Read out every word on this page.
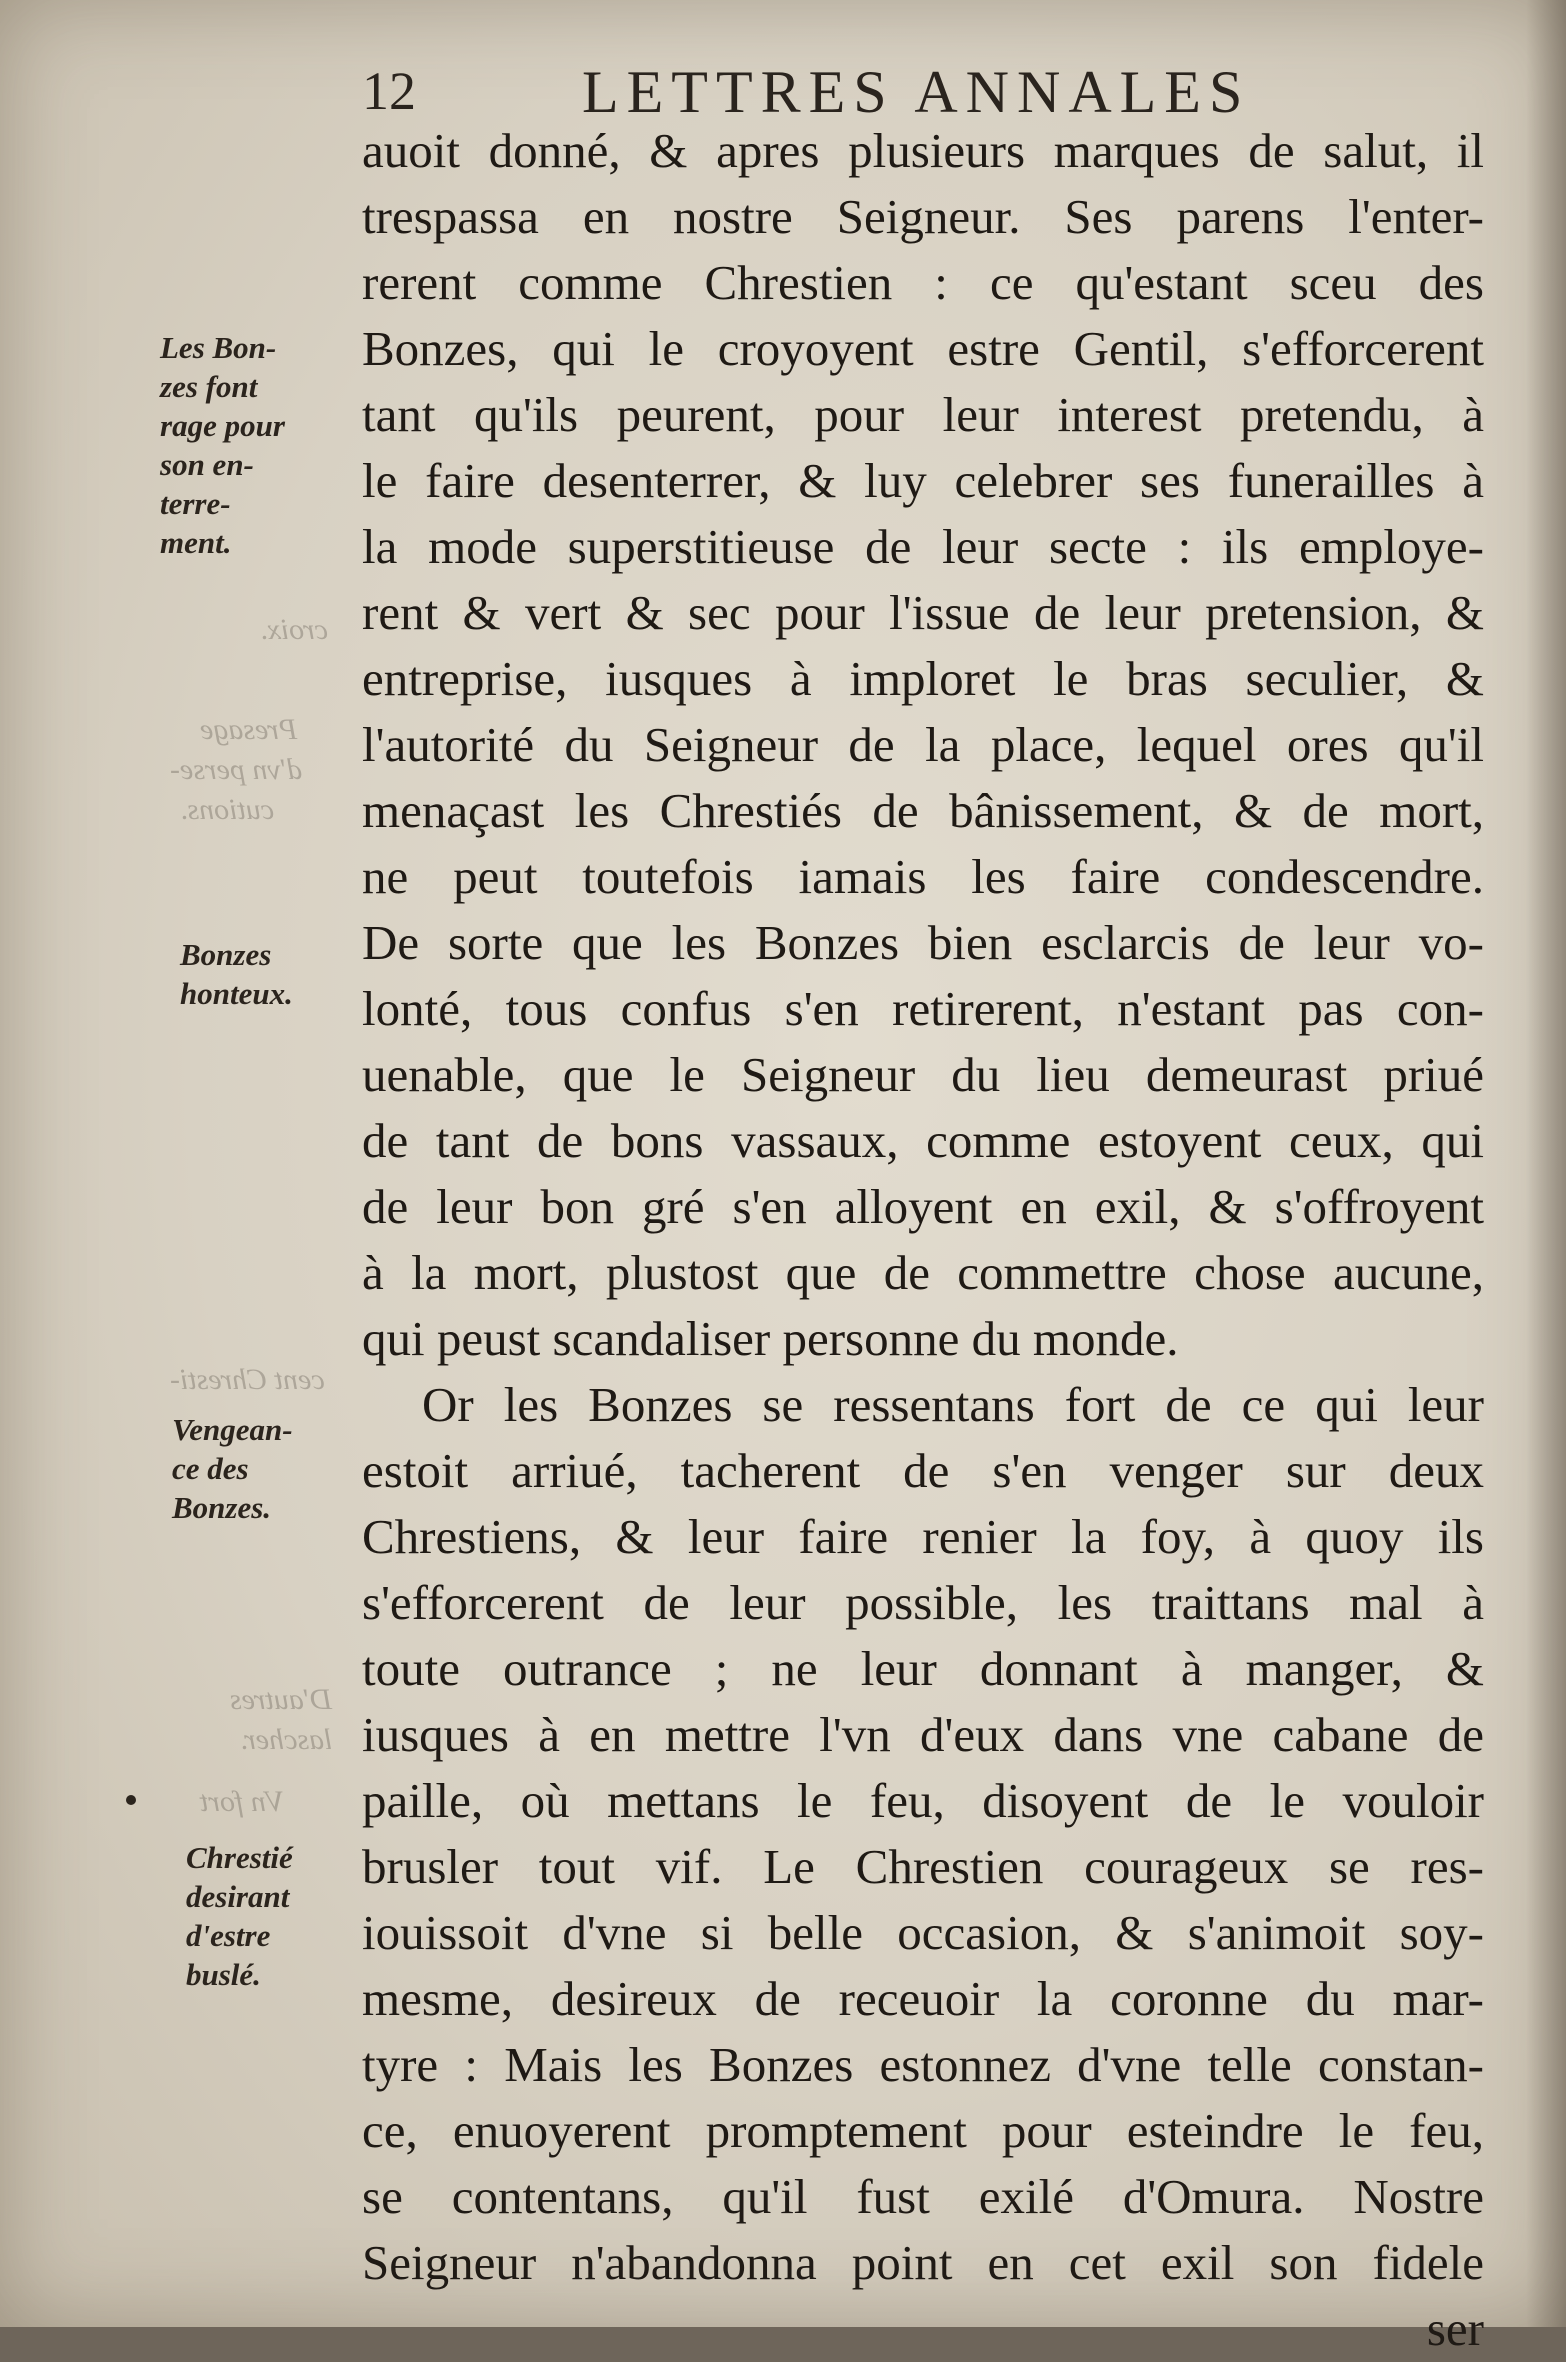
12	LETTRES ANNALES
croix.
Presage
d'vn perse-
cutions.
cent Chresti-
D'autres
lascher.
Vn fort
Les Bon-
zes font
rage pour
son en-
terre-
ment.
Bonzes
honteux.
Vengean-
ce des
Bonzes.
Chrestié
desirant
d'estre
buslé.
auoit donné, & apres plusieurs marques de salut, il
trespassa en nostre Seigneur. Ses parens l'enter-
rerent comme Chrestien : ce qu'estant sceu des
Bonzes, qui le croyoyent estre Gentil, s'efforcerent
tant qu'ils peurent, pour leur interest pretendu, à
le faire desenterrer, & luy celebrer ses funerailles à
la mode superstitieuse de leur secte : ils employe-
rent & vert & sec pour l'issue de leur pretension, &
entreprise, iusques à imploret le bras seculier, &
l'autorité du Seigneur de la place, lequel ores qu'il
menaçast les Chrestiés de bânissement, & de mort,
ne peut toutefois iamais les faire condescendre.
De sorte que les Bonzes bien esclarcis de leur vo-
lonté, tous confus s'en retirerent, n'estant pas con-
uenable, que le Seigneur du lieu demeurast priué
de tant de bons vassaux, comme estoyent ceux, qui
de leur bon gré s'en alloyent en exil, & s'offroyent
à la mort, plustost que de commettre chose aucune,
qui peust scandaliser personne du monde.
Or les Bonzes se ressentans fort de ce qui leur
estoit arriué, tacherent de s'en venger sur deux
Chrestiens, & leur faire renier la foy, à quoy ils
s'efforcerent de leur possible, les traittans mal à
toute outrance ; ne leur donnant à manger, &
iusques à en mettre l'vn d'eux dans vne cabane de
paille, où mettans le feu, disoyent de le vouloir
brusler tout vif. Le Chrestien courageux se res-
iouissoit d'vne si belle occasion, & s'animoit soy-
mesme, desireux de receuoir la coronne du mar-
tyre : Mais les Bonzes estonnez d'vne telle constan-
ce, enuoyerent promptement pour esteindre le feu,
se contentans, qu'il fust exilé d'Omura. Nostre
Seigneur n'abandonna point en cet exil son fidele
ser
